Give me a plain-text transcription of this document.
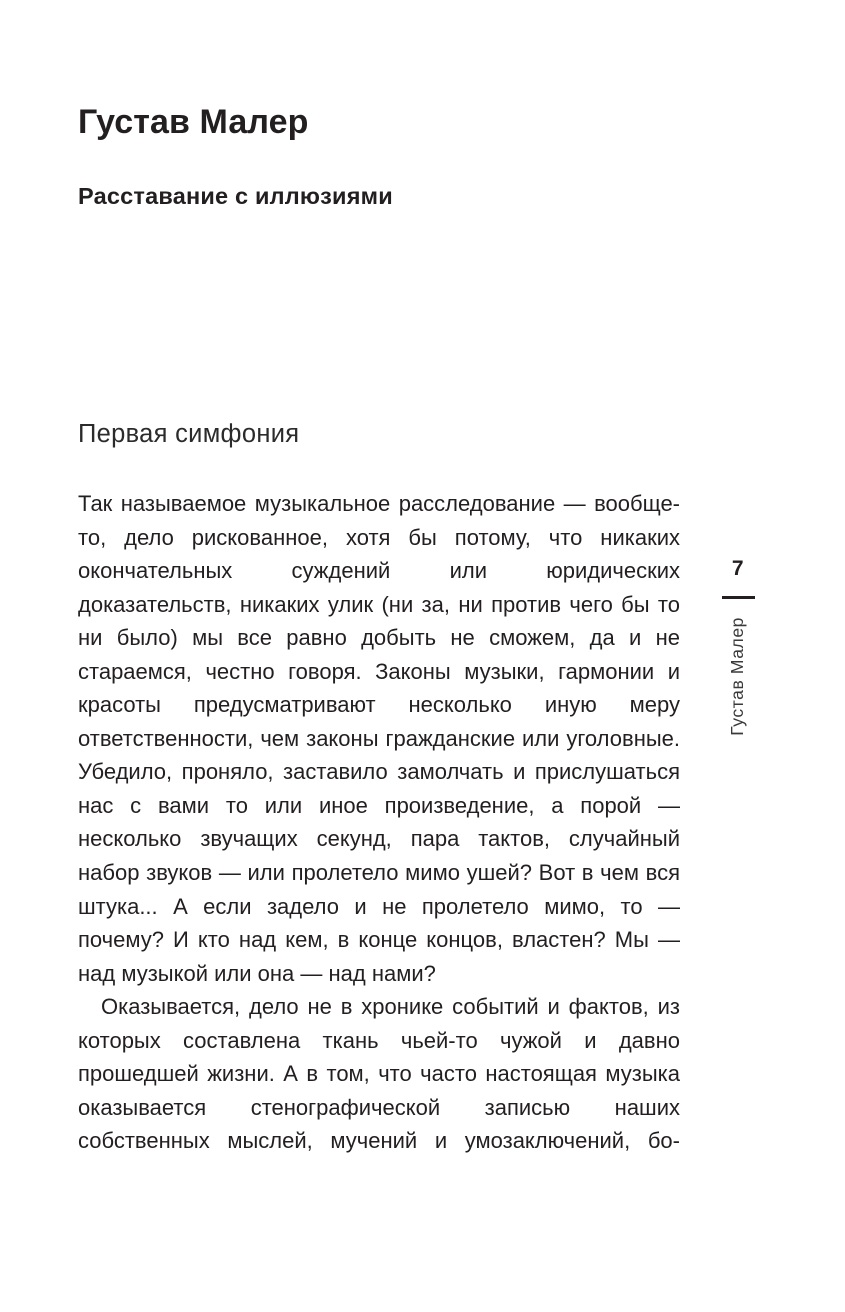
Густав Малер
Расставание с иллюзиями
Первая симфония

Так называемое музыкальное расследование — вообще-то, дело рискованное, хотя бы потому, что никаких окончательных суждений или юридических доказательств, никаких улик (ни за, ни против чего бы то ни было) мы все равно добыть не сможем, да и не стараемся, честно говоря. Законы музыки, гармонии и красоты предусматривают несколько иную меру ответственности, чем законы гражданские или уголовные. Убедило, проняло, заставило замолчать и прислушаться нас с вами то или иное произведение, а порой — несколько звучащих секунд, пара тактов, случайный набор звуков — или пролетело мимо ушей? Вот в чем вся штука... А если задело и не пролетело мимо, то — почему? И кто над кем, в конце концов, властен? Мы — над музыкой или она — над нами?

Оказывается, дело не в хронике событий и фактов, из которых составлена ткань чьей-то чужой и давно прошедшей жизни. А в том, что часто настоящая музыка оказывается стенографической записью наших собственных мыслей, мучений и умозаключений, бо-

7
Густав Малер
